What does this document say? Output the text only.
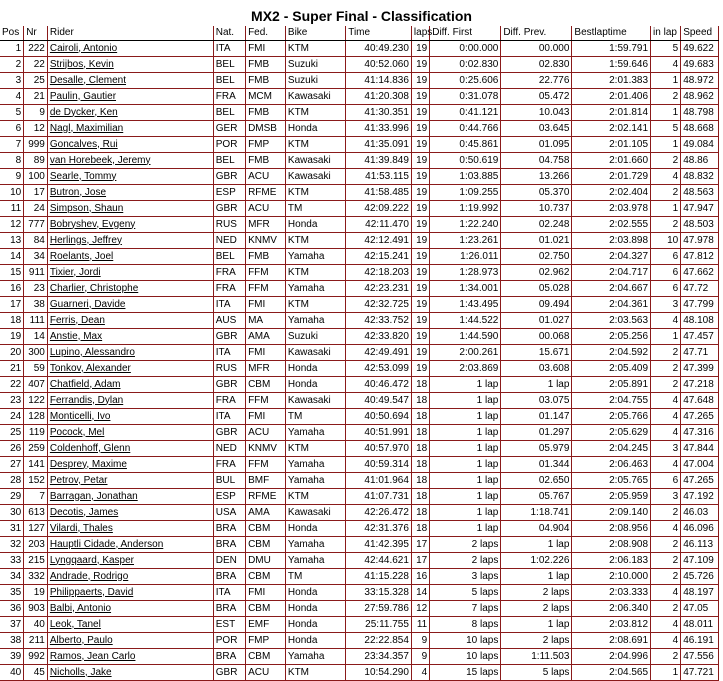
MX2 - Super Final - Classification
Pos	Nr	Rider	Nat.	Fed.	Bike	Time	laps	Diff. First	Diff. Prev.	Bestlaptime	in lap	Speed
1	222	Cairoli, Antonio	ITA	FMI	KTM	40:49.230	19	0:00.000	00.000	1:59.791	5	49.622
2	22	Strijbos, Kevin	BEL	FMB	Suzuki	40:52.060	19	0:02.830	02.830	1:59.646	4	49.683
3	25	Desalle, Clement	BEL	FMB	Suzuki	41:14.836	19	0:25.606	22.776	2:01.383	1	48.972
4	21	Paulin, Gautier	FRA	MCM	Kawasaki	41:20.308	19	0:31.078	05.472	2:01.406	2	48.962
5	9	de Dycker, Ken	BEL	FMB	KTM	41:30.351	19	0:41.121	10.043	2:01.814	1	48.798
6	12	Nagl, Maximilian	GER	DMSB	Honda	41:33.996	19	0:44.766	03.645	2:02.141	5	48.668
7	999	Goncalves, Rui	POR	FMP	KTM	41:35.091	19	0:45.861	01.095	2:01.105	1	49.084
8	89	van Horebeek, Jeremy	BEL	FMB	Kawasaki	41:39.849	19	0:50.619	04.758	2:01.660	2	48.86
9	100	Searle, Tommy	GBR	ACU	Kawasaki	41:53.115	19	1:03.885	13.266	2:01.729	4	48.832
10	17	Butron, Jose	ESP	RFME	KTM	41:58.485	19	1:09.255	05.370	2:02.404	2	48.563
11	24	Simpson, Shaun	GBR	ACU	TM	42:09.222	19	1:19.992	10.737	2:03.978	1	47.947
12	777	Bobryshev, Evgeny	RUS	MFR	Honda	42:11.470	19	1:22.240	02.248	2:02.555	2	48.503
13	84	Herlings, Jeffrey	NED	KNMV	KTM	42:12.491	19	1:23.261	01.021	2:03.898	10	47.978
14	34	Roelants, Joel	BEL	FMB	Yamaha	42:15.241	19	1:26.011	02.750	2:04.327	6	47.812
15	911	Tixier, Jordi	FRA	FFM	KTM	42:18.203	19	1:28.973	02.962	2:04.717	6	47.662
16	23	Charlier, Christophe	FRA	FFM	Yamaha	42:23.231	19	1:34.001	05.028	2:04.667	6	47.72
17	38	Guarneri, Davide	ITA	FMI	KTM	42:32.725	19	1:43.495	09.494	2:04.361	3	47.799
18	111	Ferris, Dean	AUS	MA	Yamaha	42:33.752	19	1:44.522	01.027	2:03.563	4	48.108
19	14	Anstie, Max	GBR	AMA	Suzuki	42:33.820	19	1:44.590	00.068	2:05.256	1	47.457
20	300	Lupino, Alessandro	ITA	FMI	Kawasaki	42:49.491	19	2:00.261	15.671	2:04.592	2	47.71
21	59	Tonkov, Alexander	RUS	MFR	Honda	42:53.099	19	2:03.869	03.608	2:05.409	2	47.399
22	407	Chatfield, Adam	GBR	CBM	Honda	40:46.472	18	1 lap	1 lap	2:05.891	2	47.218
23	122	Ferrandis, Dylan	FRA	FFM	Kawasaki	40:49.547	18	1 lap	03.075	2:04.755	4	47.648
24	128	Monticelli, Ivo	ITA	FMI	TM	40:50.694	18	1 lap	01.147	2:05.766	4	47.265
25	119	Pocock, Mel	GBR	ACU	Yamaha	40:51.991	18	1 lap	01.297	2:05.629	4	47.316
26	259	Coldenhoff, Glenn	NED	KNMV	KTM	40:57.970	18	1 lap	05.979	2:04.245	3	47.844
27	141	Desprey, Maxime	FRA	FFM	Yamaha	40:59.314	18	1 lap	01.344	2:06.463	4	47.004
28	152	Petrov, Petar	BUL	BMF	Yamaha	41:01.964	18	1 lap	02.650	2:05.765	6	47.265
29	7	Barragan, Jonathan	ESP	RFME	KTM	41:07.731	18	1 lap	05.767	2:05.959	3	47.192
30	613	Decotis, James	USA	AMA	Kawasaki	42:26.472	18	1 lap	1:18.741	2:09.140	2	46.03
31	127	Vilardi, Thales	BRA	CBM	Honda	42:31.376	18	1 lap	04.904	2:08.956	4	46.096
32	203	Hauptli Cidade, Anderson	BRA	CBM	Yamaha	41:42.395	17	2 laps	1 lap	2:08.908	2	46.113
33	215	Lyngqaard, Kasper	DEN	DMU	Yamaha	42:44.621	17	2 laps	1:02.226	2:06.183	2	47.109
34	332	Andrade, Rodrigo	BRA	CBM	TM	41:15.228	16	3 laps	1 lap	2:10.000	2	45.726
35	19	Philippaerts, David	ITA	FMI	Honda	33:15.328	14	5 laps	2 laps	2:03.333	4	48.197
36	903	Balbi, Antonio	BRA	CBM	Honda	27:59.786	12	7 laps	2 laps	2:06.340	2	47.05
37	40	Leok, Tanel	EST	EMF	Honda	25:11.755	11	8 laps	1 lap	2:03.812	4	48.011
38	211	Alberto, Paulo	POR	FMP	Honda	22:22.854	9	10 laps	2 laps	2:08.691	4	46.191
39	992	Ramos, Jean Carlo	BRA	CBM	Yamaha	23:34.357	9	10 laps	1:11.503	2:04.996	2	47.556
40	45	Nicholls, Jake	GBR	ACU	KTM	10:54.290	4	15 laps	5 laps	2:04.565	1	47.721
